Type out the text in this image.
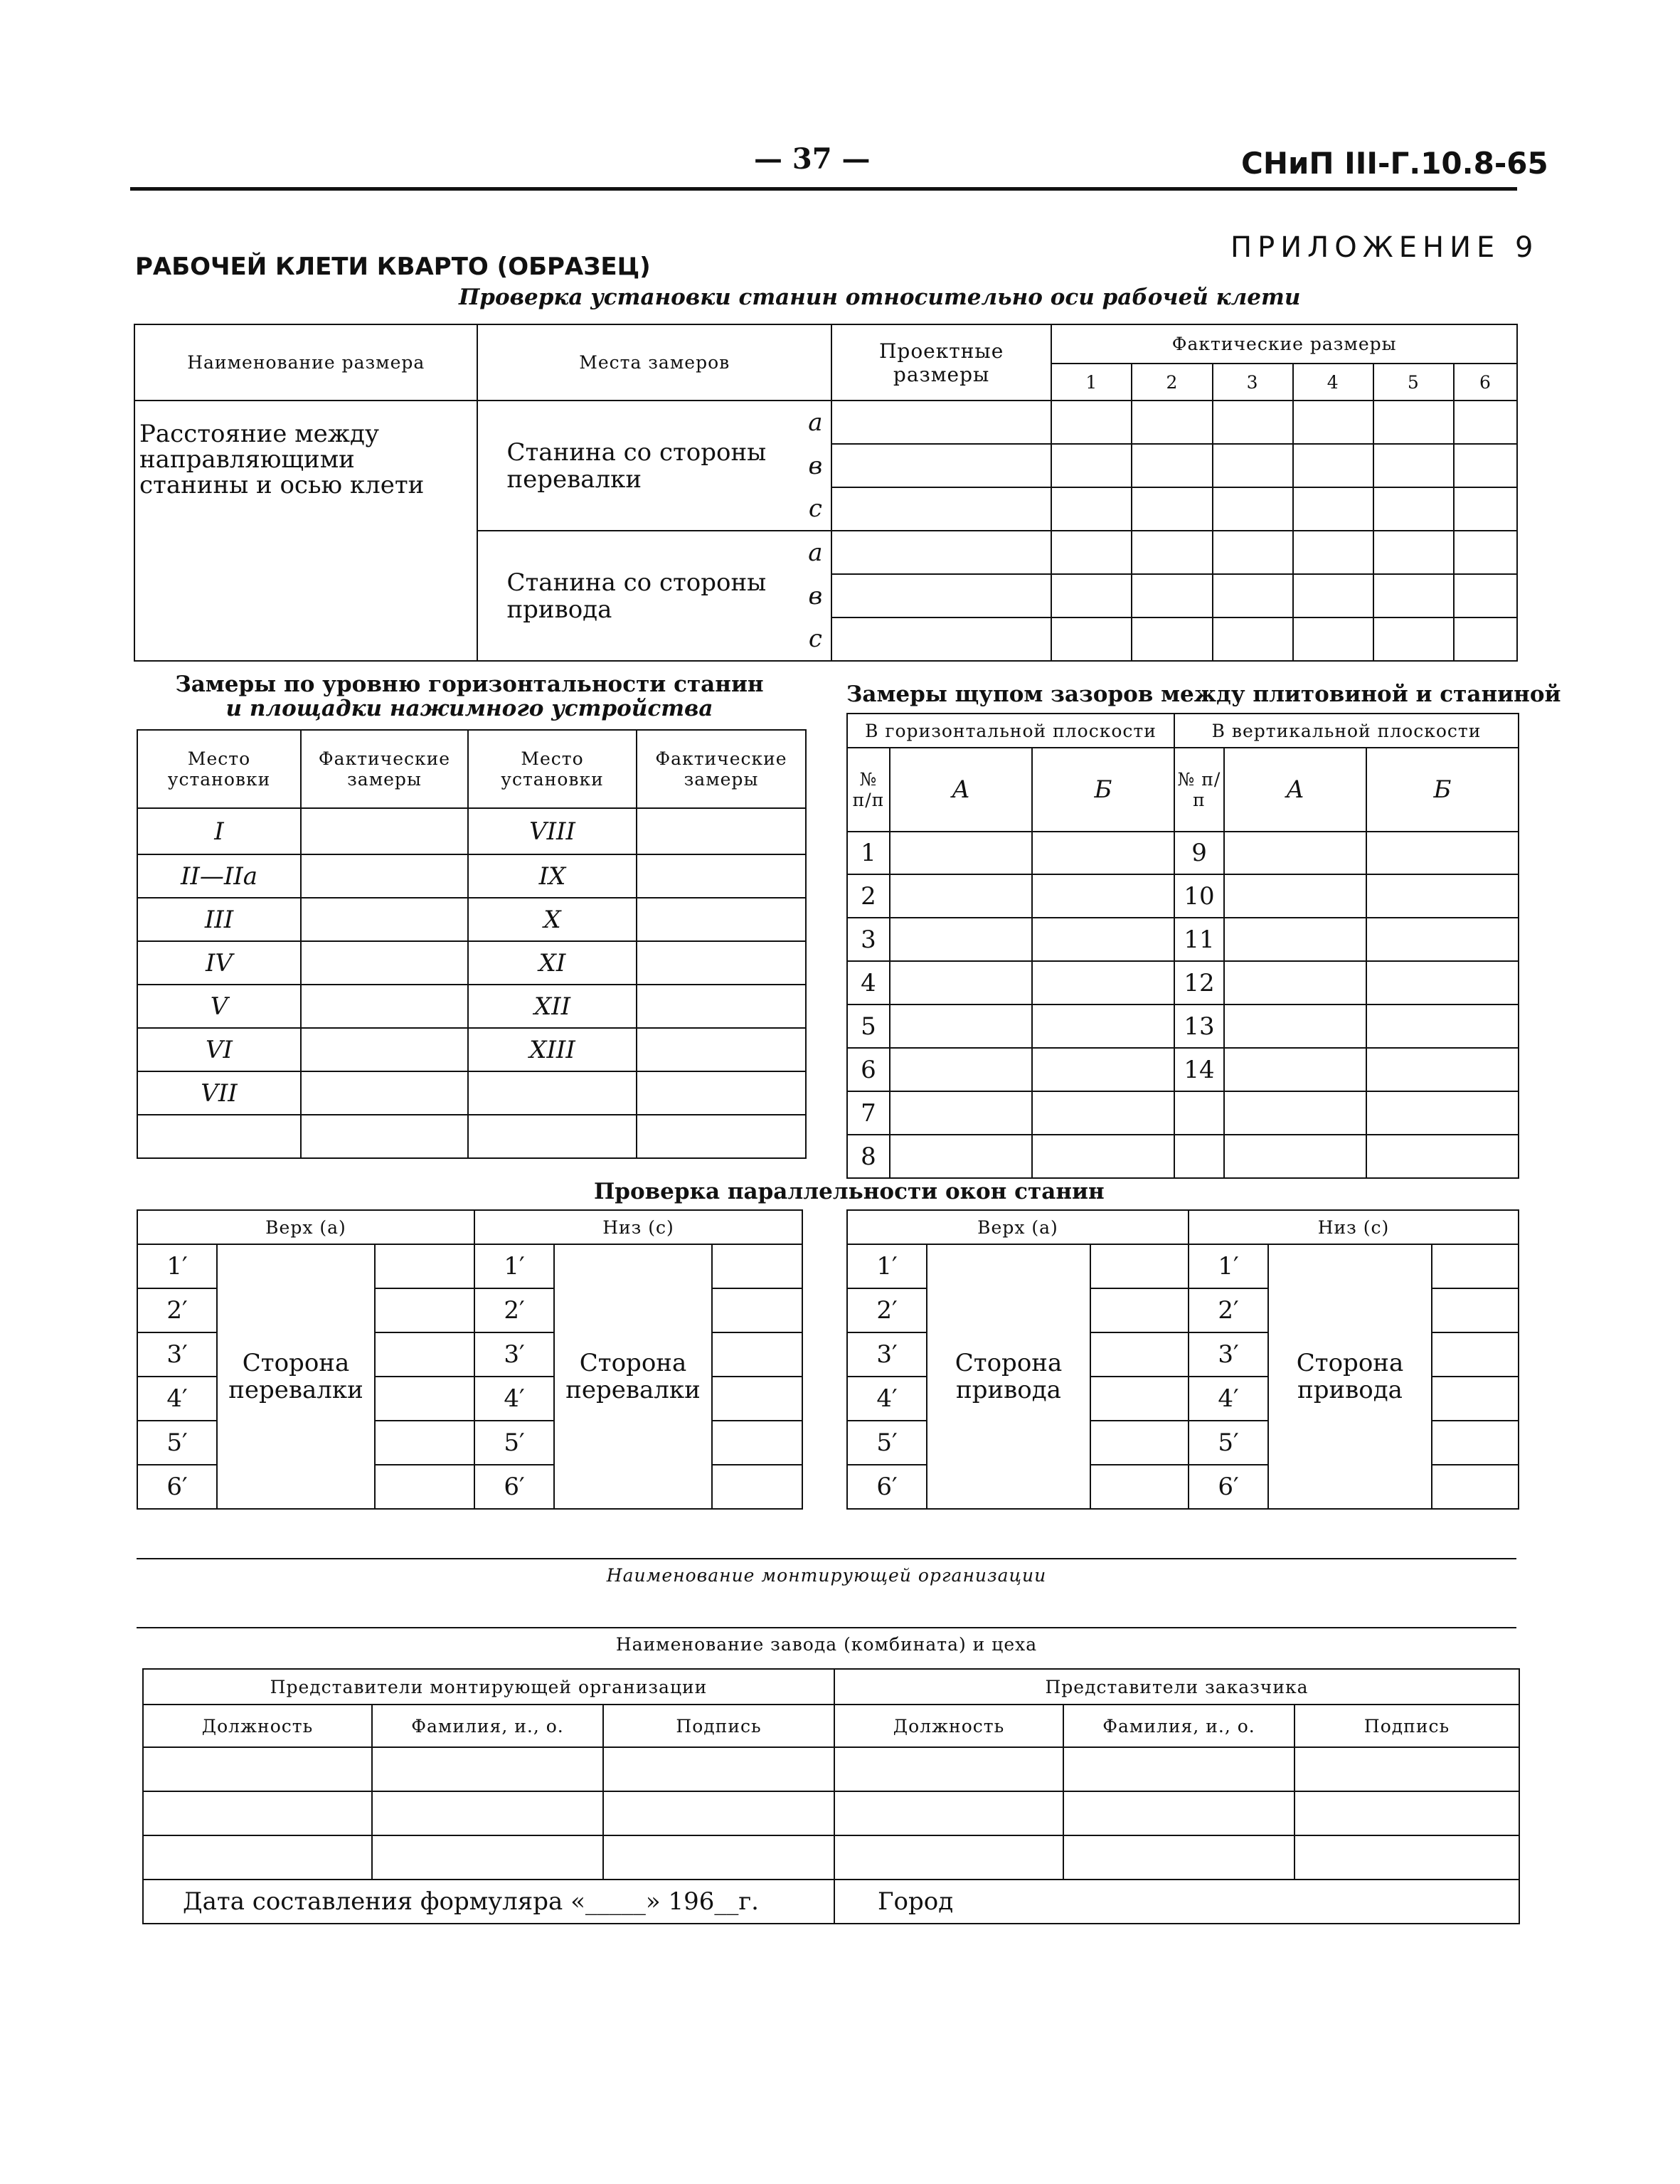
— 37 —	СНиП III-Г.10.8-65
ПРИЛОЖЕНИЕ 9
РАБОЧЕЙ КЛЕТИ КВАРТО (ОБРАЗЕЦ)
Проверка установки станин относительно оси рабочей клети
Наименование размера	Места замеров		Проектные размеры	Фактические размеры					
				1	2	3	4	5	6
Расстояние между направляющими станины и осью клети	Станина со стороны перевалки	а							
		в							
		с							
	Станина со стороны привода	а							
		в							
		с							
Замеры по уровню горизонтальности станин
и площадки нажимного устройства
Место установки	Фактические замеры	Место установки	Фактические замеры
I		VIII	
II—IIa		IX	
III		X	
IV		XI	
V		XII	
VI		XIII	
VII			

Замеры щупом зазоров между плитовиной и станиной
В горизонтальной плоскости			В вертикальной плоскости		
№ п/п	А	Б	№ п/п	А	Б
1			9		
2			10		
3			11		
4			12		
5			13		
6			14		
7					
8					
Проверка параллельности окон станин
Верх (а)			Низ (с)		
1′	Сторона перевалки		1′	Сторона перевалки	
2′			2′		
3′			3′		
4′			4′		
5′			5′		
6′			6′		
Верх (а)			Низ (с)		
1′	Сторона привода		1′	Сторона привода	
2′			2′		
3′			3′		
4′			4′		
5′			5′		
6′			6′		
Наименование монтирующей организации
Наименование завода (комбината) и цеха
Представители монтирующей организации			Представители заказчика		
Должность	Фамилия, и., о.	Подпись	Должность	Фамилия, и., о.	Подпись

Дата составления формуляра «_____» 196__г.			Город		
